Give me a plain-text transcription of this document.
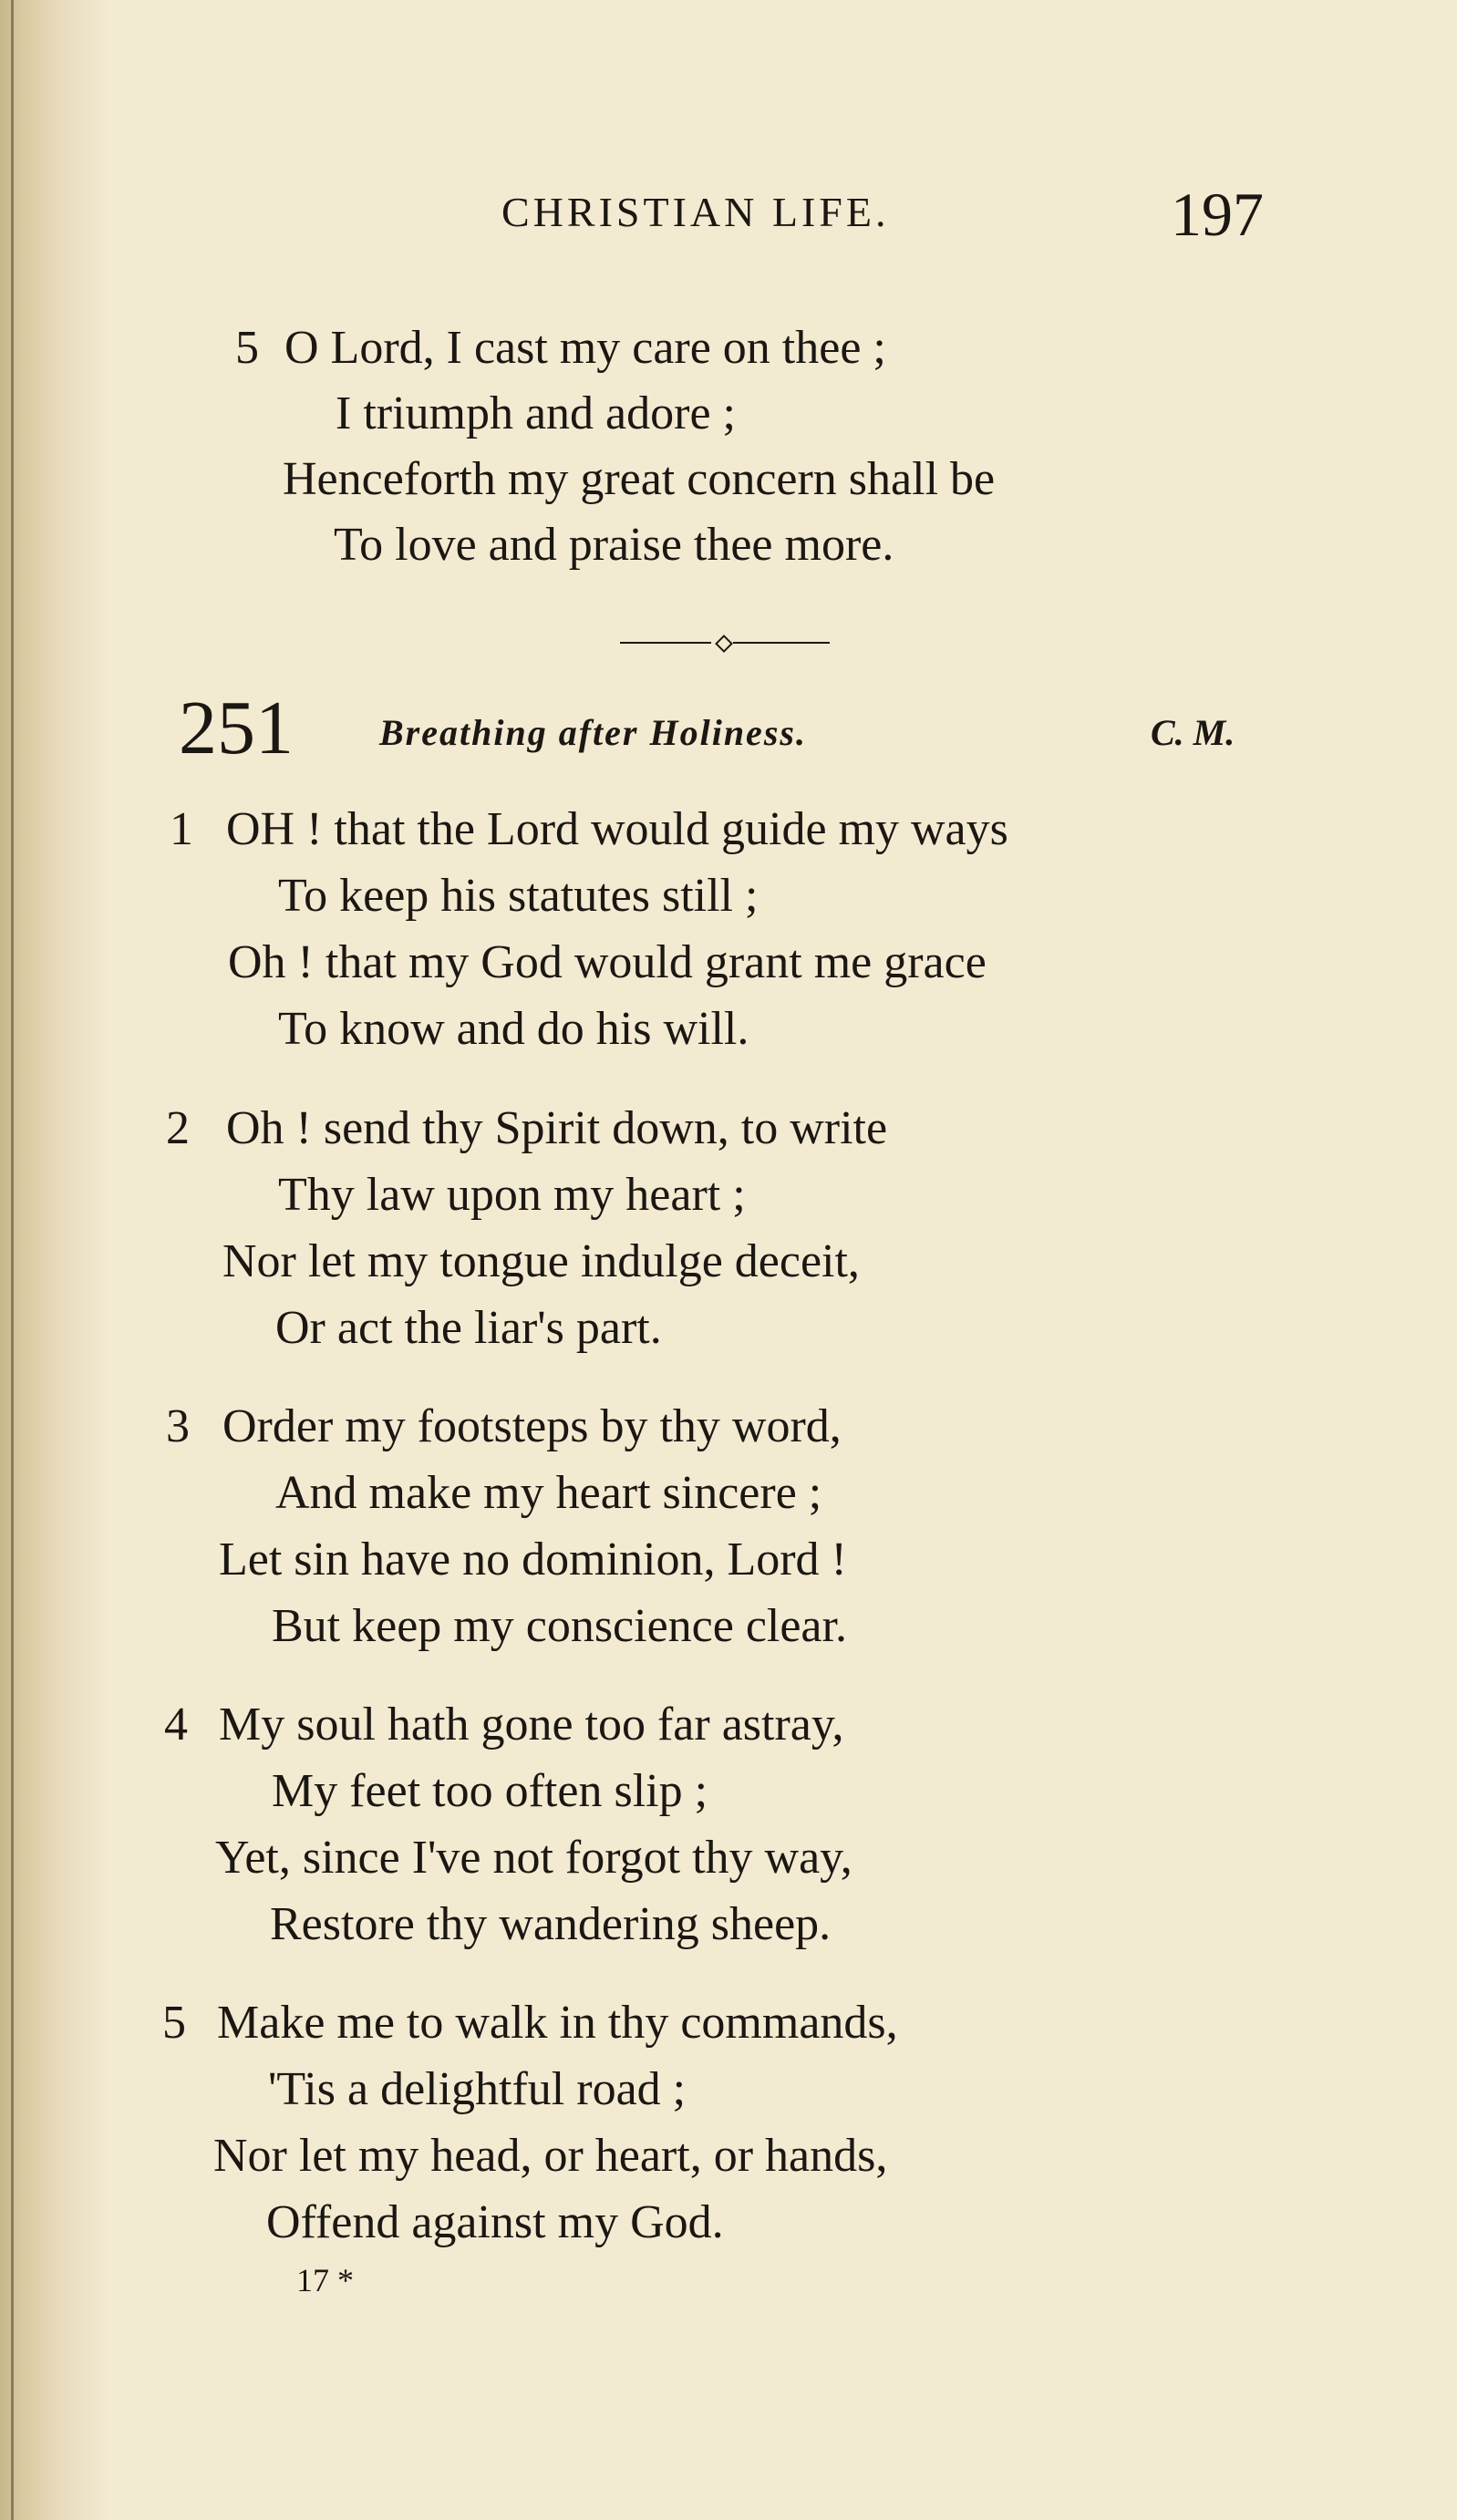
CHRISTIAN LIFE.	197
5 O Lord, I cast my care on thee ;
I triumph and adore ;
Henceforth my great concern shall be
To love and praise thee more.
251 Breathing after Holiness.	C. M.
1 OH ! that the Lord would guide my ways
To keep his statutes still ;
Oh ! that my God would grant me grace
To know and do his will.
2 Oh ! send thy Spirit down, to write
Thy law upon my heart ;
Nor let my tongue indulge deceit,
Or act the liar's part.
3 Order my footsteps by thy word,
And make my heart sincere ;
Let sin have no dominion, Lord !
But keep my conscience clear.
4 My soul hath gone too far astray,
My feet too often slip ;
Yet, since I've not forgot thy way,
Restore thy wandering sheep.
5 Make me to walk in thy commands,
'Tis a delightful road ;
Nor let my head, or heart, or hands,
Offend against my God.
17 *
